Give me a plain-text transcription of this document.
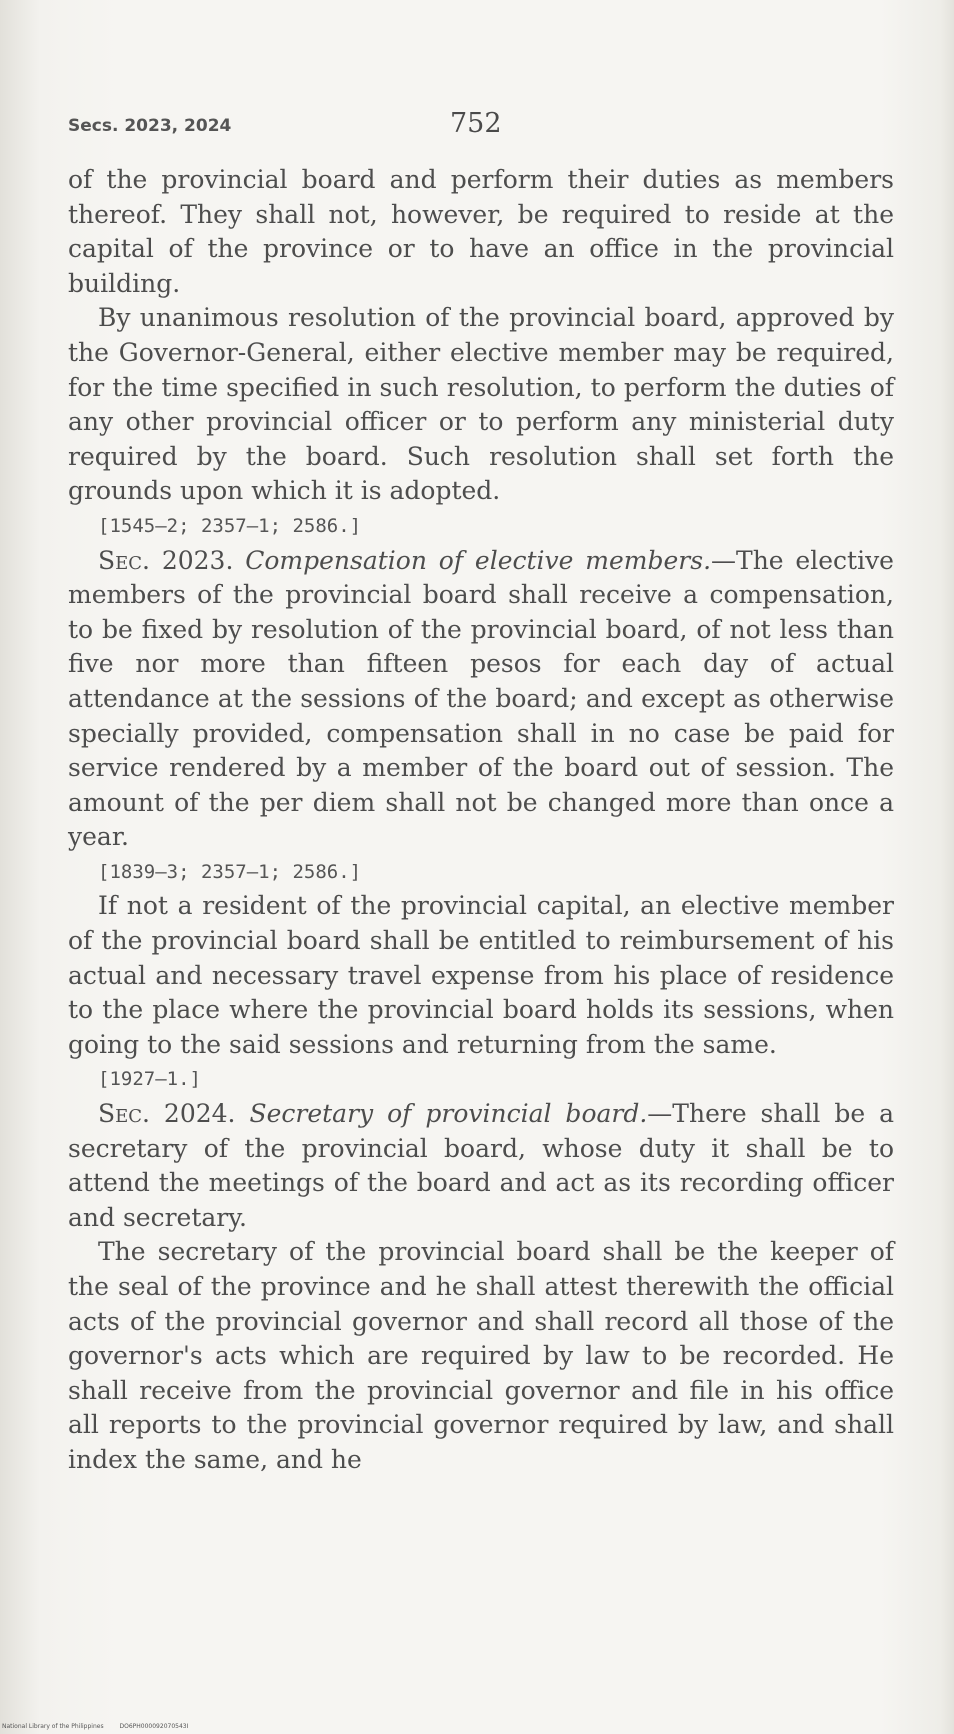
Secs. 2023, 2024	752

of the provincial board and perform their duties as members thereof. They shall not, however, be required to reside at the capital of the province or to have an office in the provincial building.

By unanimous resolution of the provincial board, approved by the Governor-General, either elective member may be required, for the time specified in such resolution, to perform the duties of any other provincial officer or to perform any ministerial duty required by the board. Such resolution shall set forth the grounds upon which it is adopted.

[1545—2; 2357—1; 2586.]

Sec. 2023. Compensation of elective members.—The elective members of the provincial board shall receive a compensation, to be fixed by resolution of the provincial board, of not less than five nor more than fifteen pesos for each day of actual attendance at the sessions of the board; and except as otherwise specially provided, compensation shall in no case be paid for service rendered by a member of the board out of session. The amount of the per diem shall not be changed more than once a year.

[1839—3; 2357—1; 2586.]

If not a resident of the provincial capital, an elective member of the provincial board shall be entitled to reimbursement of his actual and necessary travel expense from his place of residence to the place where the provincial board holds its sessions, when going to the said sessions and returning from the same.

[1927—1.]

Sec. 2024. Secretary of provincial board.—There shall be a secretary of the provincial board, whose duty it shall be to attend the meetings of the board and act as its recording officer and secretary.

The secretary of the provincial board shall be the keeper of the seal of the province and he shall attest therewith the official acts of the provincial governor and shall record all those of the governor's acts which are required by law to be recorded. He shall receive from the provincial governor and file in his office all reports to the provincial governor required by law, and shall index the same, and he

National Library of the Philippines	DO6PH000092070543I
